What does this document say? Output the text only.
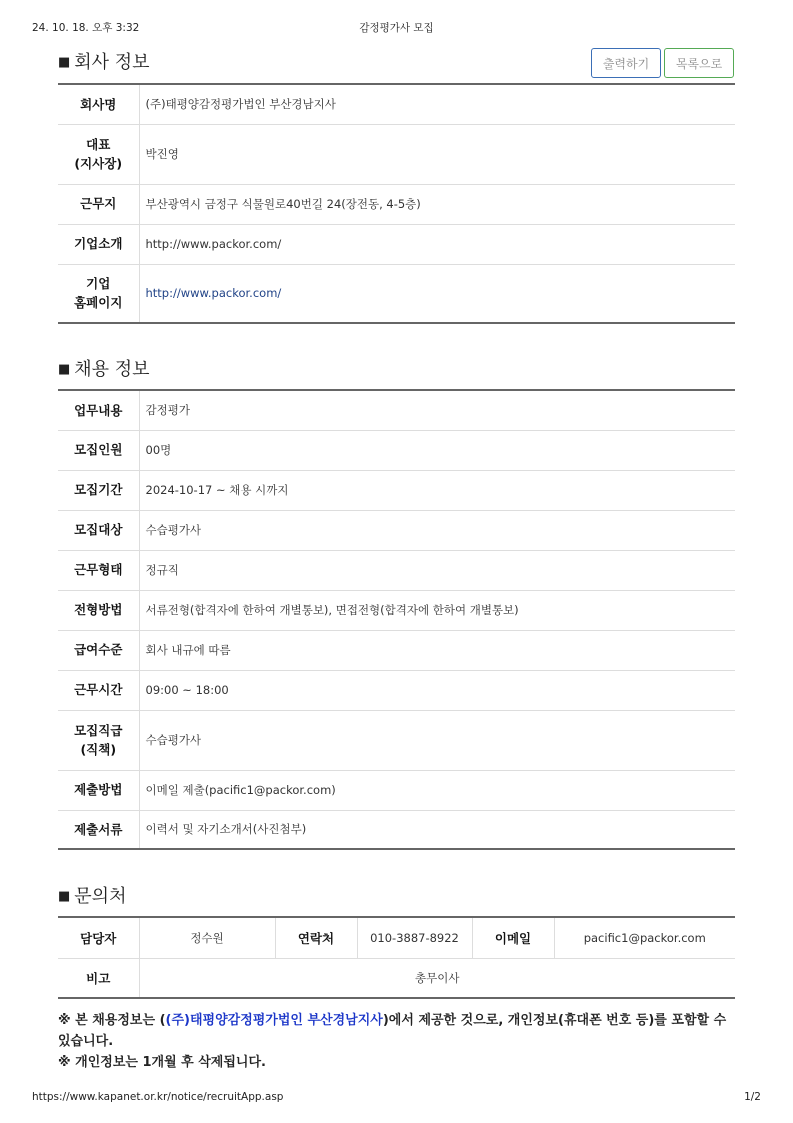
24. 10. 18. 오후 3:32	감정평가사 모집
■ 회사 정보	출력하기	목록으로
회사명	(주)태평양감정평가법인 부산경남지사
대표
(지사장)	박진영
근무지	부산광역시 금정구 식물원로40번길 24(장전동, 4-5층)
기업소개	http://www.packor.com/
기업
홈페이지	http://www.packor.com/
■ 채용 정보
업무내용	감정평가
모집인원	00명
모집기간	2024-10-17 ~ 채용 시까지
모집대상	수습평가사
근무형태	정규직
전형방법	서류전형(합격자에 한하여 개별통보), 면접전형(합격자에 한하여 개별통보)
급여수준	회사 내규에 따름
근무시간	09:00 ~ 18:00
모집직급
(직책)	수습평가사
제출방법	이메일 제출(pacific1@packor.com)
제출서류	이력서 및 자기소개서(사진첨부)
■ 문의처
담당자	정수원	연락처	010-3887-8922	이메일	pacific1@packor.com
비고	총무이사				
※ 본 채용정보는 ((주)태평양감정평가법인 부산경남지사)에서 제공한 것으로, 개인정보(휴대폰 번호 등)를 포함할 수 있습니다.
※ 개인정보는 1개월 후 삭제됩니다.
https://www.kapanet.or.kr/notice/recruitApp.asp	1/2
